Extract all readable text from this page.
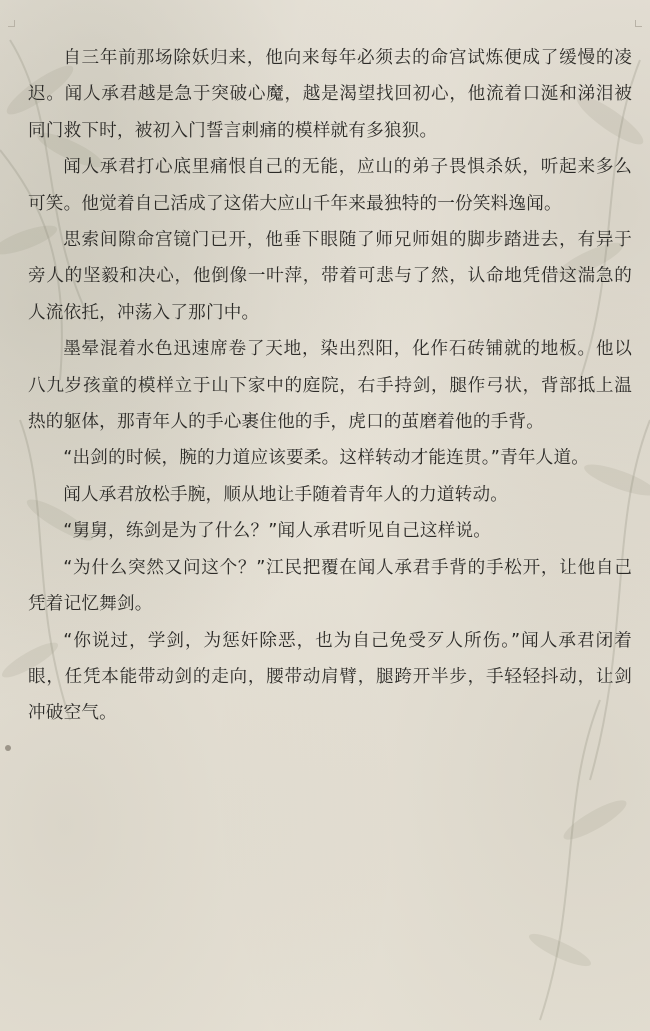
自三年前那场除妖归来，他向来每年必须去的命宫试炼便成了缓慢的凌迟。闻人承君越是急于突破心魔，越是渴望找回初心，他流着口涎和涕泪被同门救下时，被初入门誓言刺痛的模样就有多狼狈。

闻人承君打心底里痛恨自己的无能，应山的弟子畏惧杀妖，听起来多么可笑。他觉着自己活成了这偌大应山千年来最独特的一份笑料逸闻。

思索间隙命宫镜门已开，他垂下眼随了师兄师姐的脚步踏进去，有异于旁人的坚毅和决心，他倒像一叶萍，带着可悲与了然，认命地凭借这湍急的人流依托，冲荡入了那门中。

墨晕混着水色迅速席卷了天地，染出烈阳，化作石砖铺就的地板。他以八九岁孩童的模样立于山下家中的庭院，右手持剑，腿作弓状，背部抵上温热的躯体，那青年人的手心裹住他的手，虎口的茧磨着他的手背。

“出剑的时候，腕的力道应该要柔。这样转动才能连贯。”青年人道。

闻人承君放松手腕，顺从地让手随着青年人的力道转动。

“舅舅，练剑是为了什么？”闻人承君听见自己这样说。

“为什么突然又问这个？”江民把覆在闻人承君手背的手松开，让他自己凭着记忆舞剑。

“你说过，学剑，为惩奸除恶，也为自己免受歹人所伤。”闻人承君闭着眼，任凭本能带动剑的走向，腰带动肩臂，腿跨开半步，手轻轻抖动，让剑冲破空气。
